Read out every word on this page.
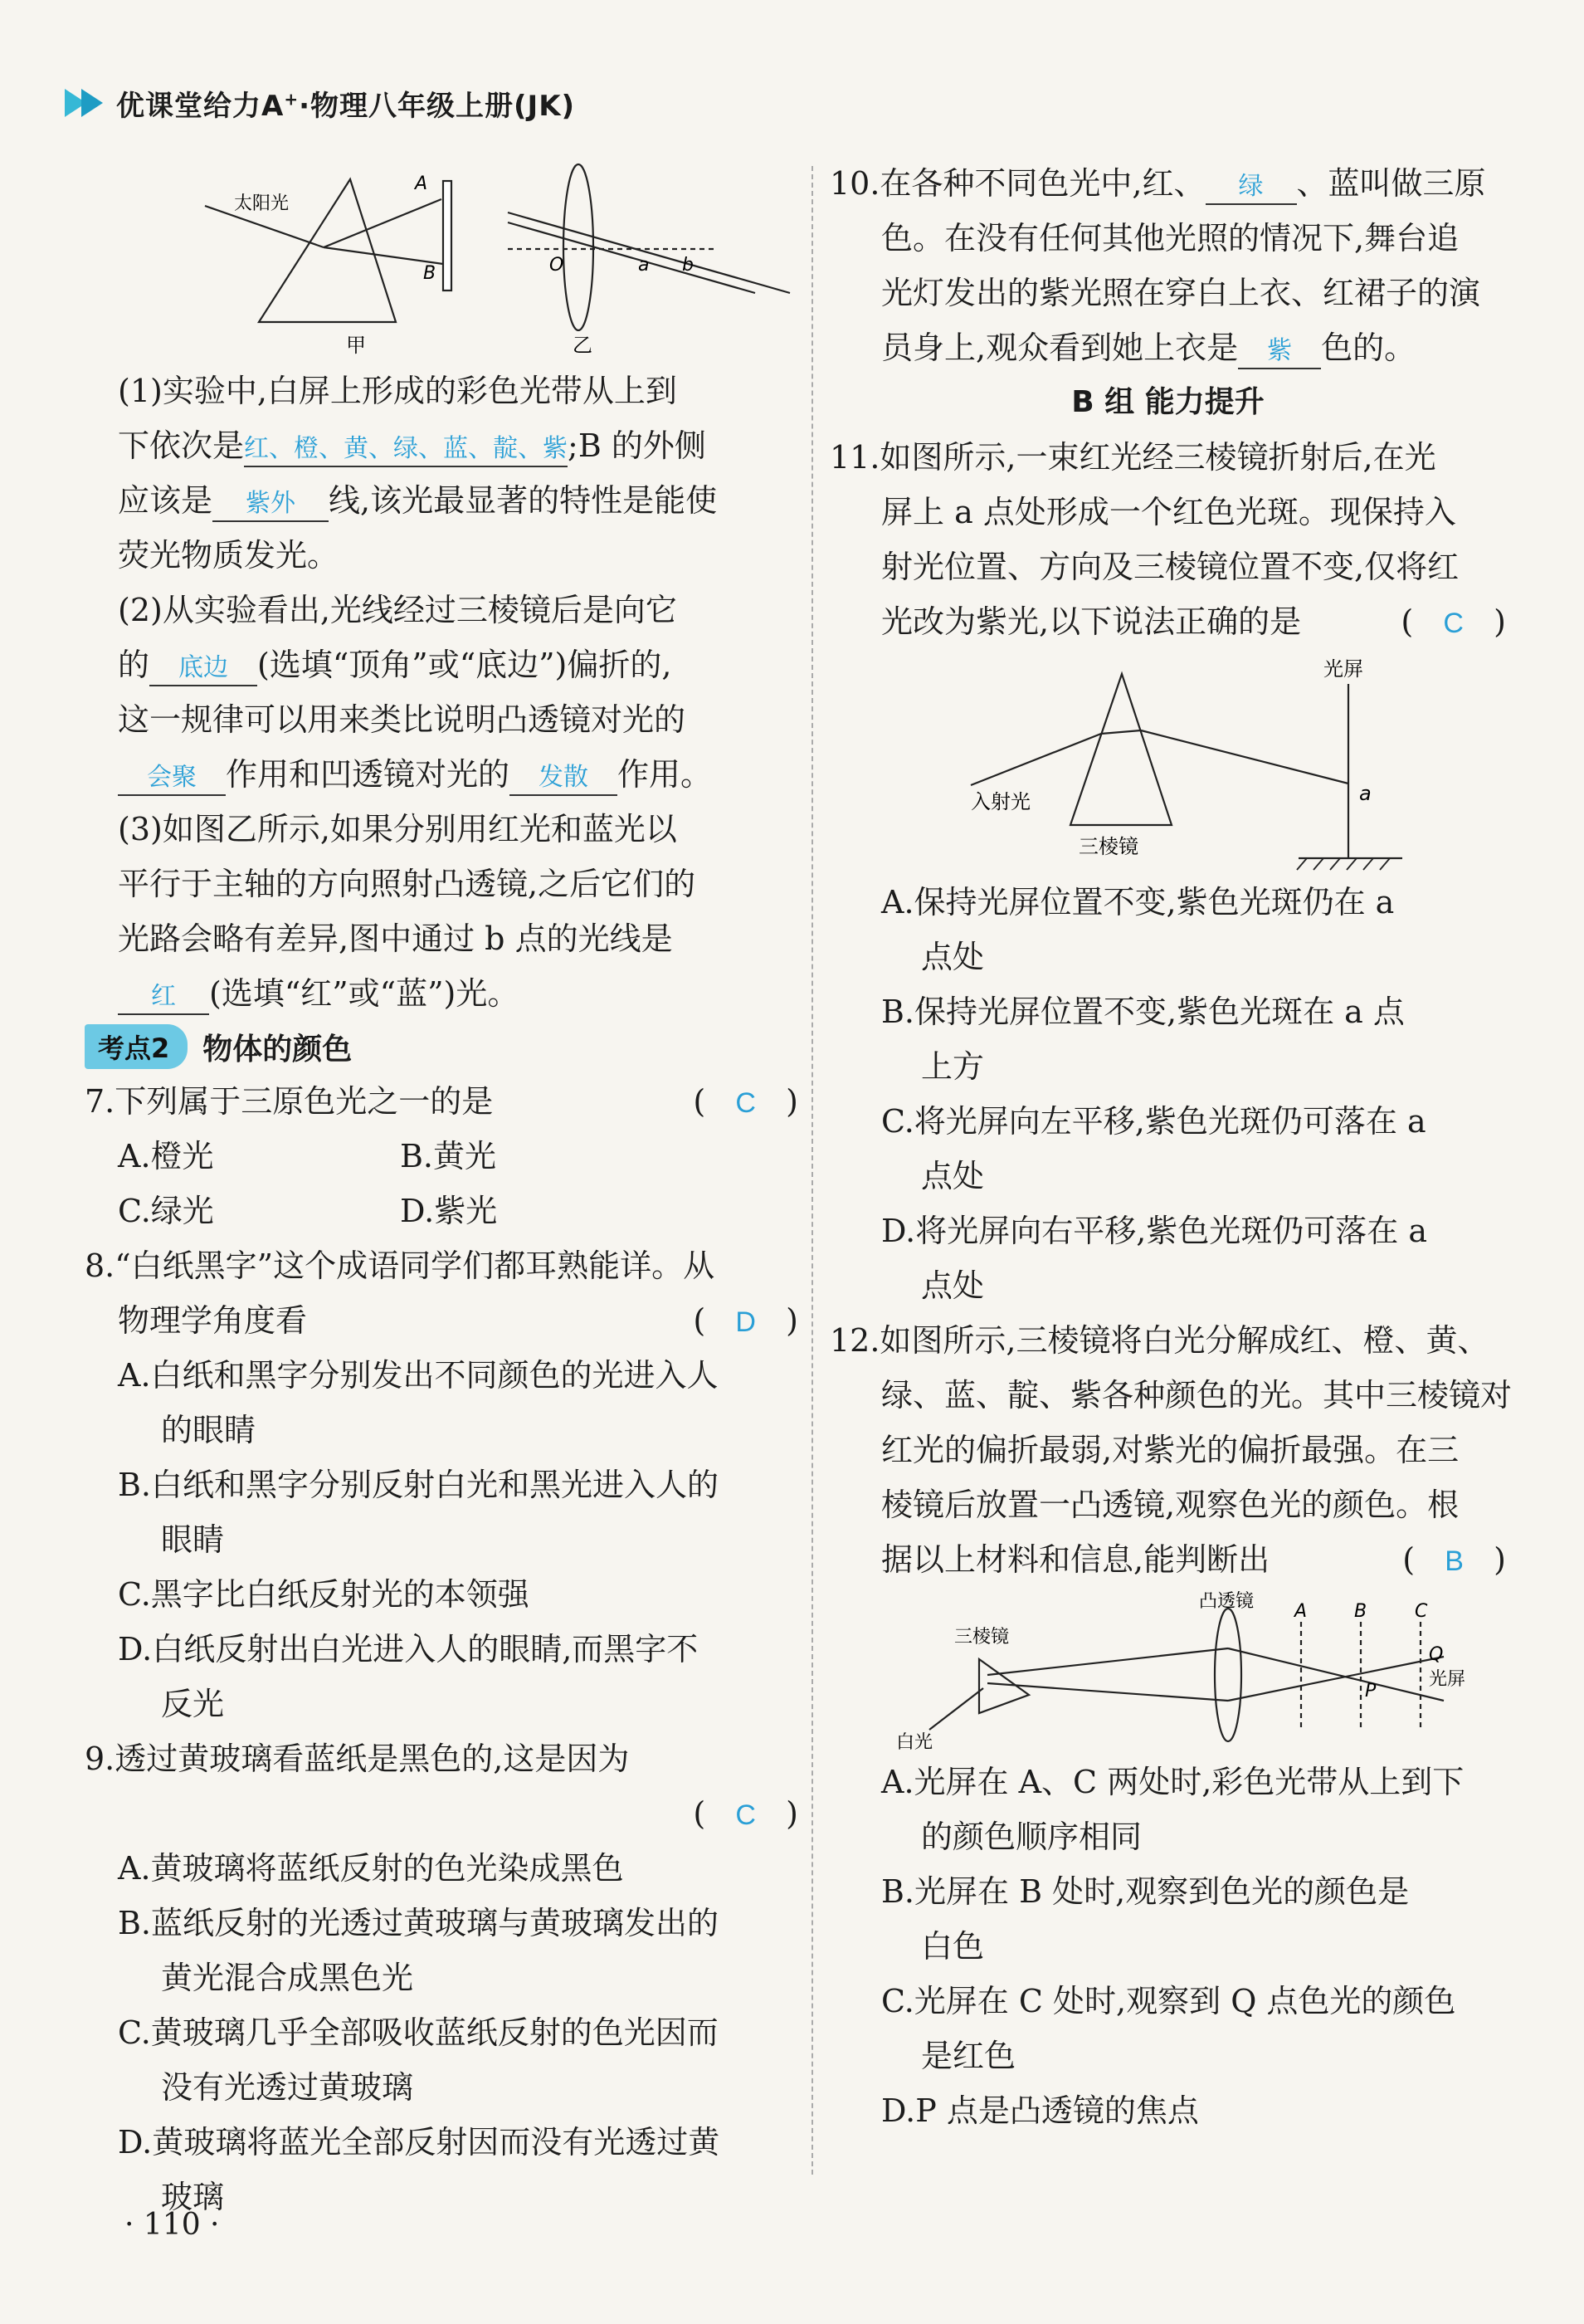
优课堂给力A+·物理八年级上册(JK)
太阳光
A
B	O	a b
甲	乙
(1)实验中,白屏上形成的彩色光带从上到
下依次是红、橙、黄、绿、蓝、靛、紫;B 的外侧
应该是 紫外 线,该光最显著的特性是能使
荧光物质发光。
(2)从实验看出,光线经过三棱镜后是向它
的 底边 (选填“顶角”或“底边”)偏折的,
这一规律可以用来类比说明凸透镜对光的
会聚 作用和凹透镜对光的 发散 作用。
(3)如图乙所示,如果分别用红光和蓝光以
平行于主轴的方向照射凸透镜,之后它们的
光路会略有差异,图中通过 b 点的光线是
红 (选填“红”或“蓝”)光。
考点2	物体的颜色
7.下列属于三原色光之一的是	(   C   )
A.橙光	B.黄光
C.绿光	D.紫光
8.“白纸黑字”这个成语同学们都耳熟能详。从
物理学角度看	(   D   )
A.白纸和黑字分别发出不同颜色的光进入人
的眼睛
B.白纸和黑字分别反射白光和黑光进入人的
眼睛
C.黑字比白纸反射光的本领强
D.白纸反射出白光进入人的眼睛,而黑字不
反光
9.透过黄玻璃看蓝纸是黑色的,这是因为
(   C   )

A.黄玻璃将蓝纸反射的色光染成黑色
B.蓝纸反射的光透过黄玻璃与黄玻璃发出的
黄光混合成黑色光
C.黄玻璃几乎全部吸收蓝纸反射的色光因而
没有光透过黄玻璃
D.黄玻璃将蓝光全部反射因而没有光透过黄
玻璃
10.在各种不同色光中,红、 绿 、蓝叫做三原
色。在没有任何其他光照的情况下,舞台追
光灯发出的紫光照在穿白上衣、红裙子的演
员身上,观众看到她上衣是 紫 色的。
B 组 能力提升
11.如图所示,一束红光经三棱镜折射后,在光
屏上 a 点处形成一个红色光斑。现保持入
射光位置、方向及三棱镜位置不变,仅将红
光改为紫光,以下说法正确的是	(   C   )
光屏
入射光	a
三棱镜
A.保持光屏位置不变,紫色光斑仍在 a
点处
B.保持光屏位置不变,紫色光斑在 a 点
上方
C.将光屏向左平移,紫色光斑仍可落在 a
点处
D.将光屏向右平移,紫色光斑仍可落在 a
点处
12.如图所示,三棱镜将白光分解成红、橙、黄、
绿、蓝、靛、紫各种颜色的光。其中三棱镜对
红光的偏折最弱,对紫光的偏折最强。在三
棱镜后放置一凸透镜,观察色光的颜色。根
据以上材料和信息,能判断出	(   B   )
三棱镜
凸透镜 A	B	C
Q
P
光屏
白光
A.光屏在 A、C 两处时,彩色光带从上到下
的颜色顺序相同
B.光屏在 B 处时,观察到色光的颜色是
白色
C.光屏在 C 处时,观察到 Q 点色光的颜色
是红色
D.P 点是凸透镜的焦点
· 110 ·
